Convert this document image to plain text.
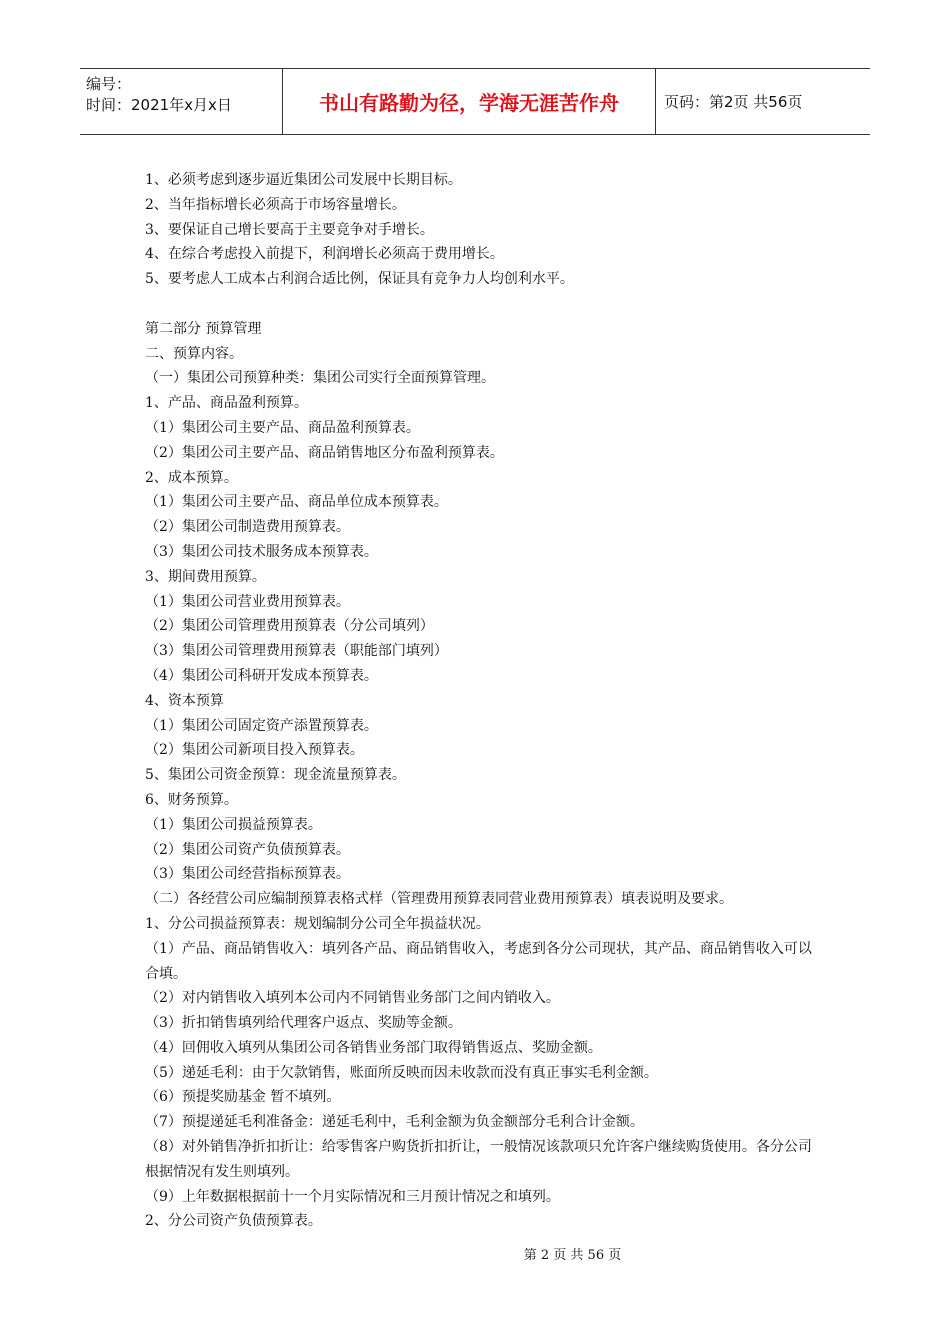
编号：
时间：2021年x月x日	书山有路勤为径，学海无涯苦作舟	页码：第2页 共56页

1、必须考虑到逐步逼近集团公司发展中长期目标。

2、当年指标增长必须高于市场容量增长。

3、要保证自己增长要高于主要竞争对手增长。

4、在综合考虑投入前提下，利润增长必须高于费用增长。

5、要考虑人工成本占利润合适比例，保证具有竞争力人均创利水平。

第二部分 预算管理

二、预算内容。

（一）集团公司预算种类：集团公司实行全面预算管理。

1、产品、商品盈利预算。

（1）集团公司主要产品、商品盈利预算表。

（2）集团公司主要产品、商品销售地区分布盈利预算表。

2、成本预算。

（1）集团公司主要产品、商品单位成本预算表。

（2）集团公司制造费用预算表。

（3）集团公司技术服务成本预算表。

3、期间费用预算。

（1）集团公司营业费用预算表。

（2）集团公司管理费用预算表（分公司填列）

（3）集团公司管理费用预算表（职能部门填列）

（4）集团公司科研开发成本预算表。

4、资本预算

（1）集团公司固定资产添置预算表。

（2）集团公司新项目投入预算表。

5、集团公司资金预算：现金流量预算表。

6、财务预算。

（1）集团公司损益预算表。

（2）集团公司资产负债预算表。

（3）集团公司经营指标预算表。

（二）各经营公司应编制预算表格式样（管理费用预算表同营业费用预算表）填表说明及要求。

1、分公司损益预算表：规划编制分公司全年损益状况。

（1）产品、商品销售收入：填列各产品、商品销售收入，考虑到各分公司现状，其产品、商品销售收入可以合填。

（2）对内销售收入填列本公司内不同销售业务部门之间内销收入。

（3）折扣销售填列给代理客户返点、奖励等金额。

（4）回佣收入填列从集团公司各销售业务部门取得销售返点、奖励金额。

（5）递延毛利：由于欠款销售，账面所反映而因未收款而没有真正事实毛利金额。

（6）预提奖励基金 暂不填列。

（7）预提递延毛利准备金：递延毛利中，毛利金额为负金额部分毛利合计金额。

（8）对外销售净折扣折让：给零售客户购货折扣折让，一般情况该款项只允许客户继续购货使用。各分公司根据情况有发生则填列。

（9）上年数据根据前十一个月实际情况和三月预计情况之和填列。

2、分公司资产负债预算表。

第 2 页 共 56 页
